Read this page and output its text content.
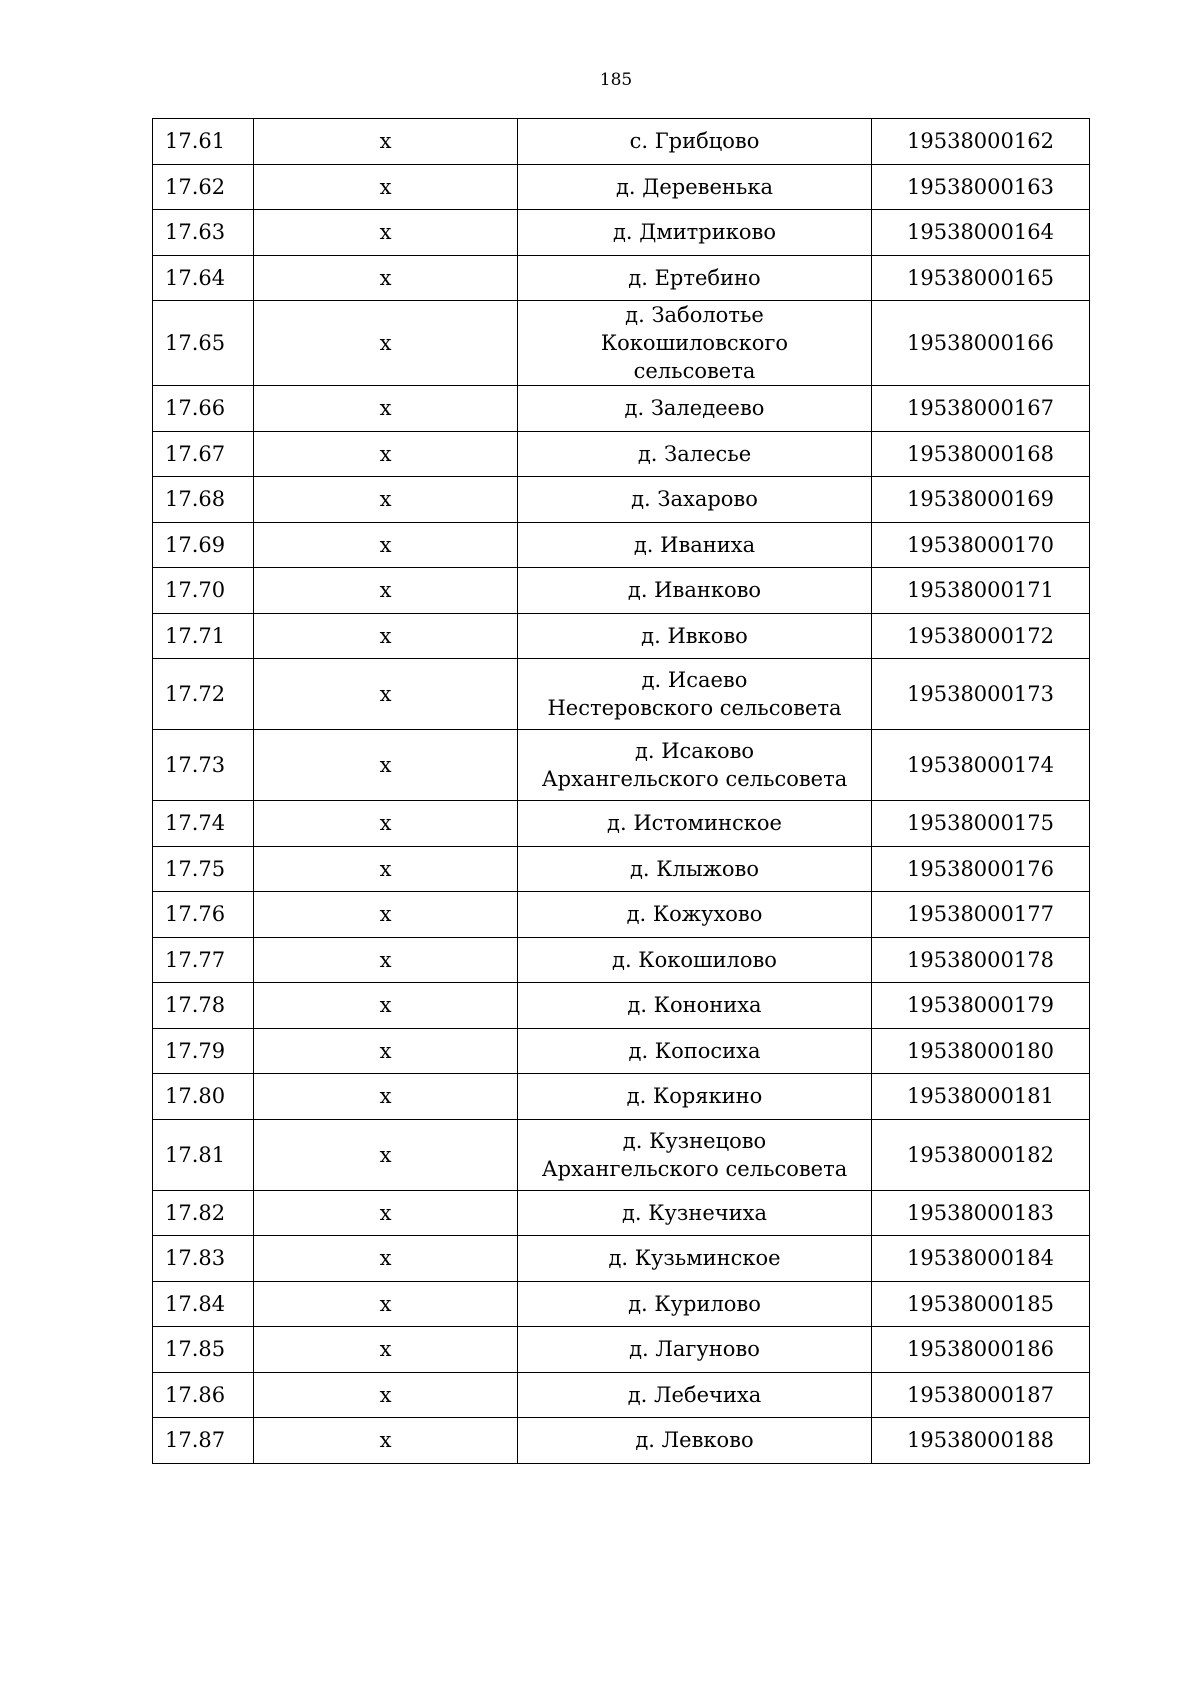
185
17.61	х	с. Грибцово	19538000162
17.62	х	д. Деревенька	19538000163
17.63	х	д. Дмитриково	19538000164
17.64	х	д. Ертебино	19538000165
17.65	х	д. Заболотье Кокошиловского
сельсовета	19538000166
17.66	х	д. Заледеево	19538000167
17.67	х	д. Залесье	19538000168
17.68	х	д. Захарово	19538000169
17.69	х	д. Иваниха	19538000170
17.70	х	д. Иванково	19538000171
17.71	х	д. Ивково	19538000172
17.72	х	д. Исаево
Нестеровского сельсовета	19538000173
17.73	х	д. Исаково
Архангельского сельсовета	19538000174
17.74	х	д. Истоминское	19538000175
17.75	х	д. Клыжово	19538000176
17.76	х	д. Кожухово	19538000177
17.77	х	д. Кокошилово	19538000178
17.78	х	д. Конониха	19538000179
17.79	х	д. Копосиха	19538000180
17.80	х	д. Корякино	19538000181
17.81	х	д. Кузнецово
Архангельского сельсовета	19538000182
17.82	х	д. Кузнечиха	19538000183
17.83	х	д. Кузьминское	19538000184
17.84	х	д. Курилово	19538000185
17.85	х	д. Лагуново	19538000186
17.86	х	д. Лебечиха	19538000187
17.87	х	д. Левково	19538000188
